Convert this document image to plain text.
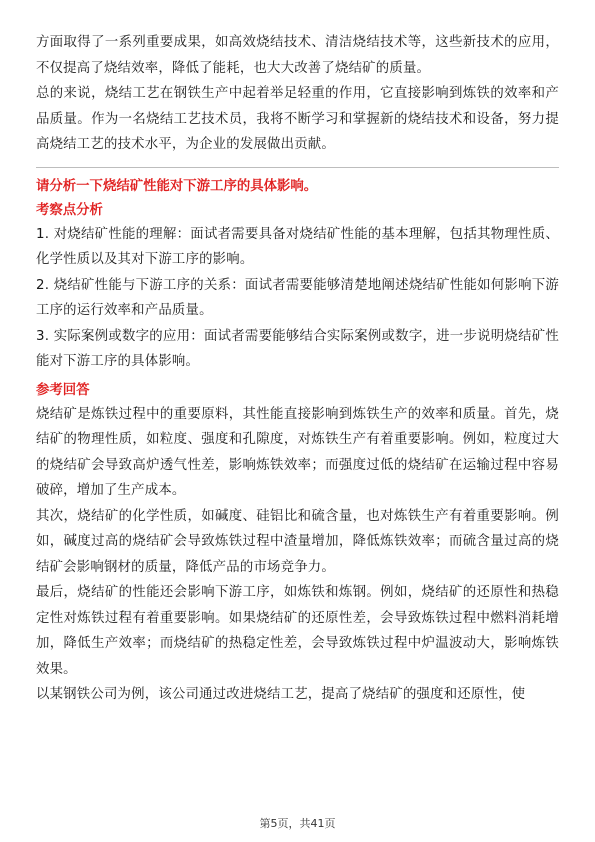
方面取得了一系列重要成果，如高效烧结技术、清洁烧结技术等，这些新技术的应用，不仅提高了烧结效率，降低了能耗，也大大改善了烧结矿的质量。

总的来说，烧结工艺在钢铁生产中起着举足轻重的作用，它直接影响到炼铁的效率和产品质量。作为一名烧结工艺技术员，我将不断学习和掌握新的烧结技术和设备，努力提高烧结工艺的技术水平，为企业的发展做出贡献。

请分析一下烧结矿性能对下游工序的具体影响。
考察点分析

1. 对烧结矿性能的理解：面试者需要具备对烧结矿性能的基本理解，包括其物理性质、化学性质以及其对下游工序的影响。

2. 烧结矿性能与下游工序的关系：面试者需要能够清楚地阐述烧结矿性能如何影响下游工序的运行效率和产品质量。

3. 实际案例或数字的应用：面试者需要能够结合实际案例或数字，进一步说明烧结矿性能对下游工序的具体影响。

参考回答

烧结矿是炼铁过程中的重要原料，其性能直接影响到炼铁生产的效率和质量。首先，烧结矿的物理性质，如粒度、强度和孔隙度，对炼铁生产有着重要影响。例如，粒度过大的烧结矿会导致高炉透气性差，影响炼铁效率；而强度过低的烧结矿在运输过程中容易破碎，增加了生产成本。

其次，烧结矿的化学性质，如碱度、硅铝比和硫含量，也对炼铁生产有着重要影响。例如，碱度过高的烧结矿会导致炼铁过程中渣量增加，降低炼铁效率；而硫含量过高的烧结矿会影响钢材的质量，降低产品的市场竞争力。

最后，烧结矿的性能还会影响下游工序，如炼铁和炼钢。例如，烧结矿的还原性和热稳定性对炼铁过程有着重要影响。如果烧结矿的还原性差，会导致炼铁过程中燃料消耗增加，降低生产效率；而烧结矿的热稳定性差，会导致炼铁过程中炉温波动大，影响炼铁效果。

以某钢铁公司为例，该公司通过改进烧结工艺，提高了烧结矿的强度和还原性，使

第5页，共41页
